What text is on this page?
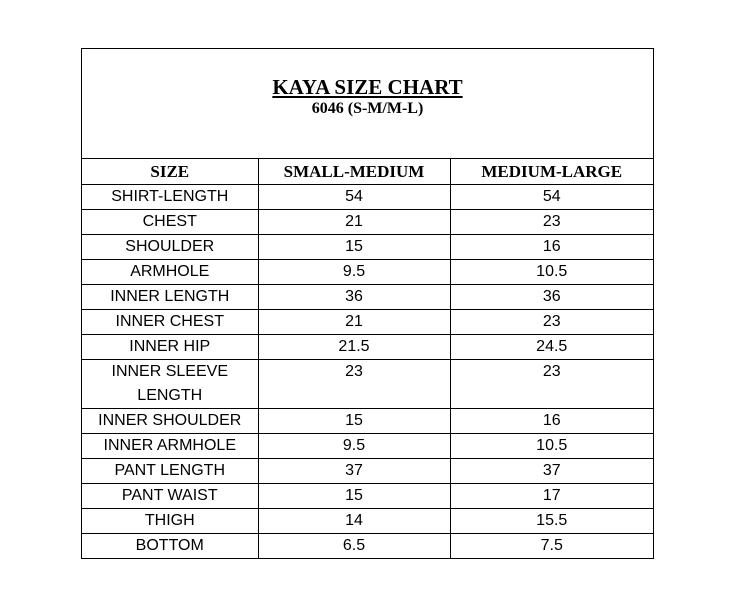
KAYA SIZE CHART
6046 (S-M/M-L)
SIZE	SMALL-MEDIUM	MEDIUM-LARGE
SHIRT-LENGTH	54	54
CHEST	21	23
SHOULDER	15	16
ARMHOLE	9.5	10.5
INNER LENGTH	36	36
INNER CHEST	21	23
INNER HIP	21.5	24.5
INNER SLEEVE LENGTH	23	23
INNER SHOULDER	15	16
INNER ARMHOLE	9.5	10.5
PANT LENGTH	37	37
PANT WAIST	15	17
THIGH	14	15.5
BOTTOM	6.5	7.5
